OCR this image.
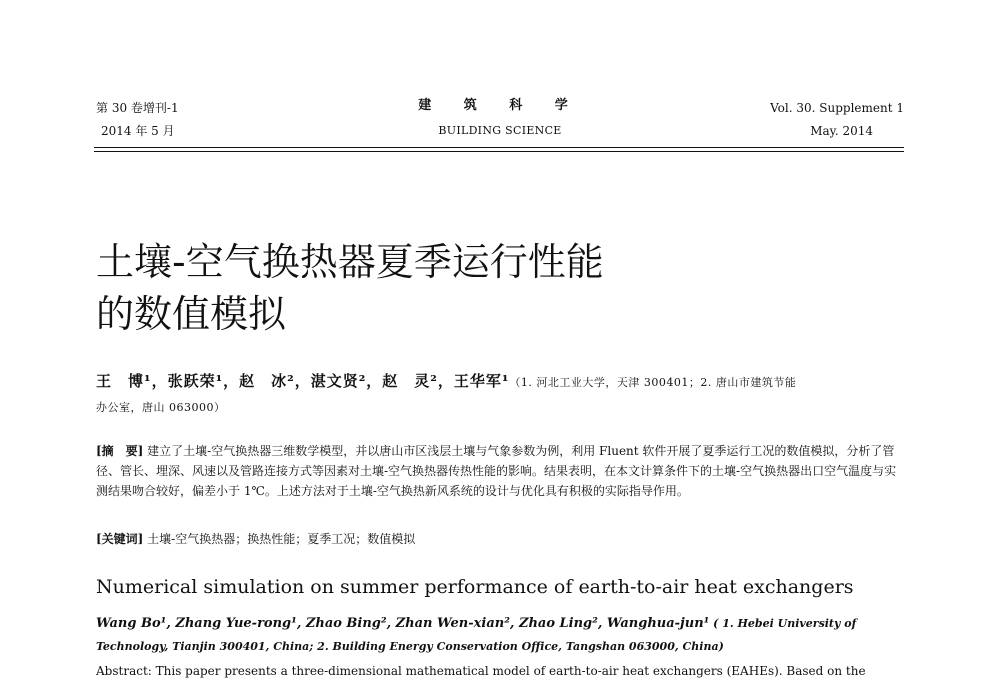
第 30 卷增刊-1
2014 年 5 月
建 筑 科 学
BUILDING SCIENCE
Vol. 30. Supplement 1
May. 2014
土壤-空气换热器夏季运行性能
的数值模拟
王　博¹，张跃荣¹，赵　冰²，湛文贤²，赵　灵²，王华军¹（1. 河北工业大学，天津 300401；2. 唐山市建筑节能
办公室，唐山 063000）
[摘　要] 建立了土壤-空气换热器三维数学模型，并以唐山市区浅层土壤与气象参数为例，利用 Fluent 软件开展了夏季运行工况的数值模拟，分析了管径、管长、埋深、风速以及管路连接方式等因素对土壤-空气换热器传热性能的影响。结果表明，在本文计算条件下的土壤-空气换热器出口空气温度与实测结果吻合较好，偏差小于 1℃。上述方法对于土壤-空气换热新风系统的设计与优化具有积极的实际指导作用。
[关键词] 土壤-空气换热器；换热性能；夏季工况；数值模拟
Numerical simulation on summer performance of earth-to-air heat exchangers
Wang Bo¹, Zhang Yue-rong¹, Zhao Bing², Zhan Wen-xian², Zhao Ling², Wanghua-jun¹ ( 1. Hebei University of Technology, Tianjin 300401, China; 2. Building Energy Conservation Office, Tangshan 063000, China)
Abstract: This paper presents a three-dimensional mathematical model of earth-to-air heat exchangers (EAHEs). Based on the
